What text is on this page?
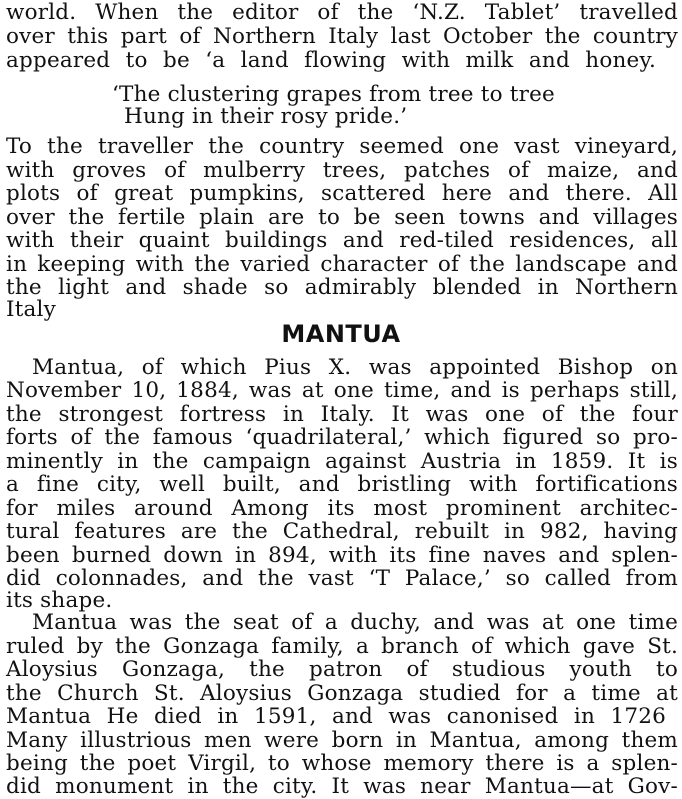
world. When the editor of the ‘N.Z. Tablet’ travelled
over this part of Northern Italy last October the country
appeared to be ‘a land flowing with milk and honey.
‘The clustering grapes from tree to tree
Hung in their rosy pride.’
To the traveller the country seemed one vast vineyard,
with groves of mulberry trees, patches of maize, and
plots of great pumpkins, scattered here and there. All
over the fertile plain are to be seen towns and villages
with their quaint buildings and red-tiled residences, all
in keeping with the varied character of the landscape and
the light and shade so admirably blended in Northern
Italy
MANTUA
Mantua, of which Pius X. was appointed Bishop on
November 10, 1884, was at one time, and is perhaps still,
the strongest fortress in Italy. It was one of the four
forts of the famous ‘quadrilateral,’ which figured so pro-
minently in the campaign against Austria in 1859. It is
a fine city, well built, and bristling with fortifications
for miles around Among its most prominent architec-
tural features are the Cathedral, rebuilt in 982, having
been burned down in 894, with its fine naves and splen-
did colonnades, and the vast ‘T Palace,’ so called from
its shape.
Mantua was the seat of a duchy, and was at one time
ruled by the Gonzaga family, a branch of which gave St.
Aloysius Gonzaga, the patron of studious youth to
the Church St. Aloysius Gonzaga studied for a time at
Mantua He died in 1591, and was canonised in 1726
Many illustrious men were born in Mantua, among them
being the poet Virgil, to whose memory there is a splen-
did monument in the city. It was near Mantua—at Gov-
